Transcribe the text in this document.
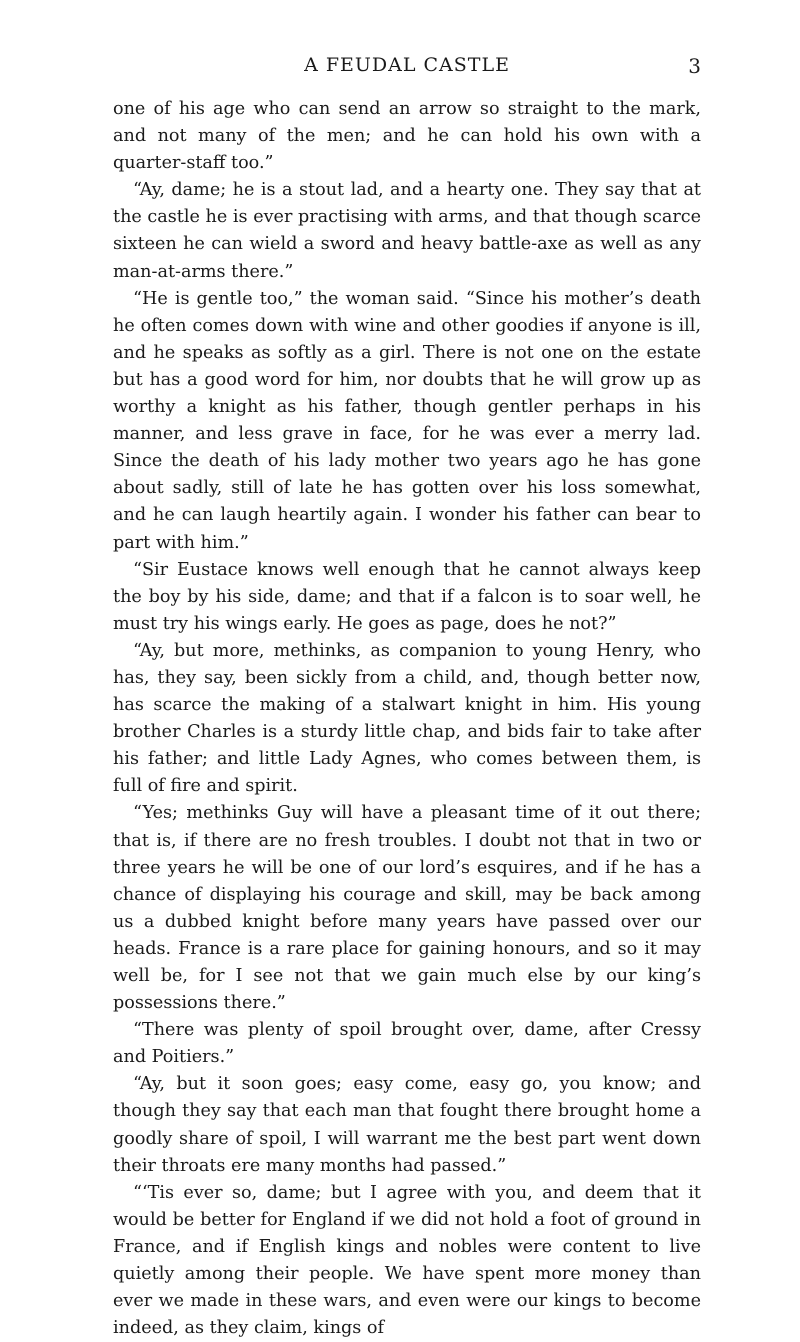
A FEUDAL CASTLE	3

one of his age who can send an arrow so straight to the mark, and not many of the men; and he can hold his own with a quarter-staff too.”

“Ay, dame; he is a stout lad, and a hearty one. They say that at the castle he is ever practising with arms, and that though scarce sixteen he can wield a sword and heavy battle-axe as well as any man-at-arms there.”

“He is gentle too,” the woman said. “Since his mother’s death he often comes down with wine and other goodies if anyone is ill, and he speaks as softly as a girl. There is not one on the estate but has a good word for him, nor doubts that he will grow up as worthy a knight as his father, though gentler perhaps in his manner, and less grave in face, for he was ever a merry lad. Since the death of his lady mother two years ago he has gone about sadly, still of late he has gotten over his loss somewhat, and he can laugh heartily again. I wonder his father can bear to part with him.”

“Sir Eustace knows well enough that he cannot always keep the boy by his side, dame; and that if a falcon is to soar well, he must try his wings early. He goes as page, does he not?”

“Ay, but more, methinks, as companion to young Henry, who has, they say, been sickly from a child, and, though better now, has scarce the making of a stalwart knight in him. His young brother Charles is a sturdy little chap, and bids fair to take after his father; and little Lady Agnes, who comes between them, is full of fire and spirit.

“Yes; methinks Guy will have a pleasant time of it out there; that is, if there are no fresh troubles. I doubt not that in two or three years he will be one of our lord’s esquires, and if he has a chance of displaying his courage and skill, may be back among us a dubbed knight before many years have passed over our heads. France is a rare place for gaining honours, and so it may well be, for I see not that we gain much else by our king’s possessions there.”

“There was plenty of spoil brought over, dame, after Cressy and Poitiers.”

“Ay, but it soon goes; easy come, easy go, you know; and though they say that each man that fought there brought home a goodly share of spoil, I will warrant me the best part went down their throats ere many months had passed.”

“‘Tis ever so, dame; but I agree with you, and deem that it would be better for England if we did not hold a foot of ground in France, and if English kings and nobles were content to live quietly among their people. We have spent more money than ever we made in these wars, and even were our kings to become indeed, as they claim, kings of
